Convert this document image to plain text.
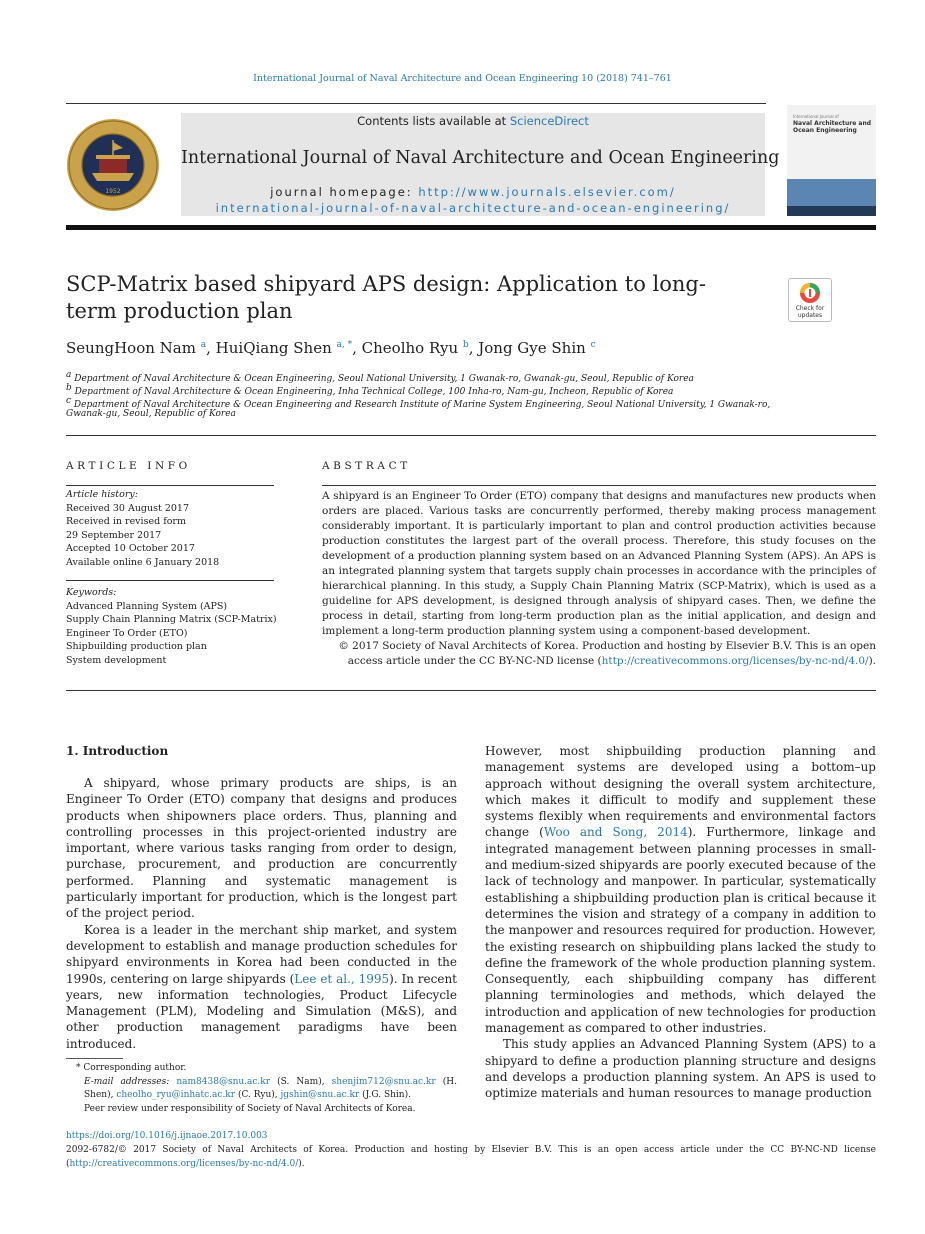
International Journal of Naval Architecture and Ocean Engineering 10 (2018) 741–761
1952
Contents lists available at ScienceDirect
International Journal of Naval Architecture and Ocean Engineering
journal homepage: http://www.journals.elsevier.com/
international-journal-of-naval-architecture-and-ocean-engineering/
International Journal of
Naval Architecture and Ocean Engineering
SCP-Matrix based shipyard APS design: Application to long-term production plan	Check for updates
SeungHoon Nam $^a$, HuiQiang Shen $^{a, *}$, Cheolho Ryu $^b$, Jong Gye Shin $^c$
$^a$ Department of Naval Architecture & Ocean Engineering, Seoul National University, 1 Gwanak-ro, Gwanak-gu, Seoul, Republic of Korea
$^b$ Department of Naval Architecture & Ocean Engineering, Inha Technical College, 100 Inha-ro, Nam-gu, Incheon, Republic of Korea
$^c$ Department of Naval Architecture & Ocean Engineering and Research Institute of Marine System Engineering, Seoul National University, 1 Gwanak-ro,
Gwanak-gu, Seoul, Republic of Korea
ARTICLE INFO	ABSTRACT
Article history:
Received 30 August 2017
Received in revised form
29 September 2017
Accepted 10 October 2017
Available online 6 January 2018
Keywords:
Advanced Planning System (APS)
Supply Chain Planning Matrix (SCP-Matrix)
Engineer To Order (ETO)
Shipbuilding production plan
System development
A shipyard is an Engineer To Order (ETO) company that designs and manufactures new products when orders are placed. Various tasks are concurrently performed, thereby making process management considerably important. It is particularly important to plan and control production activities because production constitutes the largest part of the overall process. Therefore, this study focuses on the development of a production planning system based on an Advanced Planning System (APS). An APS is an integrated planning system that targets supply chain processes in accordance with the principles of hierarchical planning. In this study, a Supply Chain Planning Matrix (SCP-Matrix), which is used as a guideline for APS development, is designed through analysis of shipyard cases. Then, we define the process in detail, starting from long-term production plan as the initial application, and design and implement a long-term production planning system using a component-based development.
© 2017 Society of Naval Architects of Korea. Production and hosting by Elsevier B.V. This is an open access article under the CC BY-NC-ND license (http://creativecommons.org/licenses/by-nc-nd/4.0/).
1. Introduction

A shipyard, whose primary products are ships, is an Engineer To Order (ETO) company that designs and produces products when shipowners place orders. Thus, planning and controlling processes in this project-oriented industry are important, where various tasks ranging from order to design, purchase, procurement, and production are concurrently performed. Planning and systematic management is particularly important for production, which is the longest part of the project period.

Korea is a leader in the merchant ship market, and system development to establish and manage production schedules for shipyard environments in Korea had been conducted in the 1990s, centering on large shipyards (Lee et al., 1995). In recent years, new information technologies, Product Lifecycle Management (PLM), Modeling and Simulation (M&S), and other production management paradigms have been introduced.

However, most shipbuilding production planning and management systems are developed using a bottom–up approach without designing the overall system architecture, which makes it difficult to modify and supplement these systems flexibly when requirements and environmental factors change (Woo and Song, 2014). Furthermore, linkage and integrated management between planning processes in small- and medium-sized shipyards are poorly executed because of the lack of technology and manpower. In particular, systematically establishing a shipbuilding production plan is critical because it determines the vision and strategy of a company in addition to the manpower and resources required for production. However, the existing research on shipbuilding plans lacked the study to define the framework of the whole production planning system. Consequently, each shipbuilding company has different planning terminologies and methods, which delayed the introduction and application of new technologies for production management as compared to other industries.

This study applies an Advanced Planning System (APS) to a shipyard to define a production planning structure and designs and develops a production planning system. An APS is used to optimize materials and human resources to manage production

* Corresponding author.
E-mail addresses: nam8438@snu.ac.kr (S. Nam), shenjim712@snu.ac.kr (H. Shen), cheolho_ryu@inhatc.ac.kr (C. Ryu), jgshin@snu.ac.kr (J.G. Shin).
Peer review under responsibility of Society of Naval Architects of Korea.
https://doi.org/10.1016/j.ijnaoe.2017.10.003
2092-6782/© 2017 Society of Naval Architects of Korea. Production and hosting by Elsevier B.V. This is an open access article under the CC BY-NC-ND license (http://creativecommons.org/licenses/by-nc-nd/4.0/).
